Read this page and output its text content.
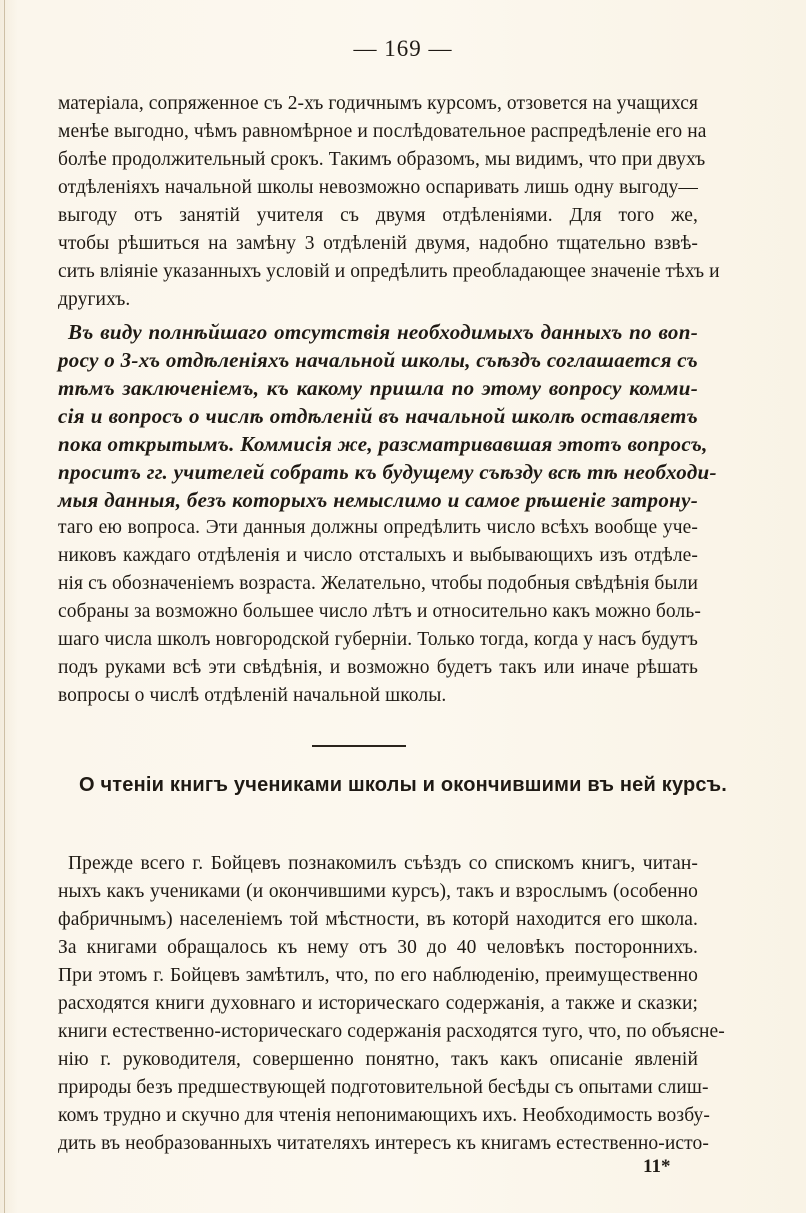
— 169 —
матеріала, сопряженное съ 2-хъ годичнымъ курсомъ, отзовется на учащихся
менѣе выгодно, чѣмъ равномѣрное и послѣдовательное распредѣленіе его на
болѣе продолжительный срокъ. Такимъ образомъ, мы видимъ, что при двухъ
отдѣленіяхъ начальной школы невозможно оспаривать лишь одну выгоду—
выгоду отъ занятій учителя съ двумя отдѣленіями. Для того же,
чтобы рѣшиться на замѣну 3 отдѣленій двумя, надобно тщательно взвѣ-
сить вліяніе указанныхъ условій и опредѣлить преобладающее значеніе тѣхъ и
другихъ.
Въ виду полнѣйшаго отсутствія необходимыхъ данныхъ по воп-
росу о 3-хъ отдѣленіяхъ начальной школы, съѣздъ соглашается съ
тѣмъ заключеніемъ, къ какому пришла по этому вопросу комми-
сія и вопросъ о числѣ отдѣленій въ начальной школѣ оставляетъ
пока открытымъ. Коммисія же, разсматривавшая этотъ вопросъ,
проситъ гг. учителей собрать къ будущему съѣзду всѣ тѣ необходи-
мыя данныя, безъ которыхъ немыслимо и самое рѣшеніе затрону-
таго ею вопроса. Эти данныя должны опредѣлить число всѣхъ вообще уче-
никовъ каждаго отдѣленія и число отсталыхъ и выбывающихъ изъ отдѣле-
нія съ обозначеніемъ возраста. Желательно, чтобы подобныя свѣдѣнія были
собраны за возможно большее число лѣтъ и относительно какъ можно боль-
шаго числа школъ новгородской губерніи. Только тогда, когда у насъ будутъ
подъ руками всѣ эти свѣдѣнія, и возможно будетъ такъ или иначе рѣшать
вопросы о числѣ отдѣленій начальной школы.
О чтеніи книгъ учениками школы и окончившими въ ней курсъ.
Прежде всего г. Бойцевъ познакомилъ съѣздъ со спискомъ книгъ, читан-
ныхъ какъ учениками (и окончившими курсъ), такъ и взрослымъ (особенно
фабричнымъ) населеніемъ той мѣстности, въ которй находится его школа.
За книгами обращалось къ нему отъ 30 до 40 человѣкъ постороннихъ.
При этомъ г. Бойцевъ замѣтилъ, что, по его наблюденію, преимущественно
расходятся книги духовнаго и историческаго содержанія, а также и сказки;
книги естественно-историческаго содержанія расходятся туго, что, по объясне-
нію г. руководителя, совершенно понятно, такъ какъ описаніе явленій
природы безъ предшествующей подготовительной бесѣды съ опытами слиш-
комъ трудно и скучно для чтенія непонимающихъ ихъ. Необходимость возбу-
дить въ необразованныхъ читателяхъ интересъ къ книгамъ естественно-исто-
11*
